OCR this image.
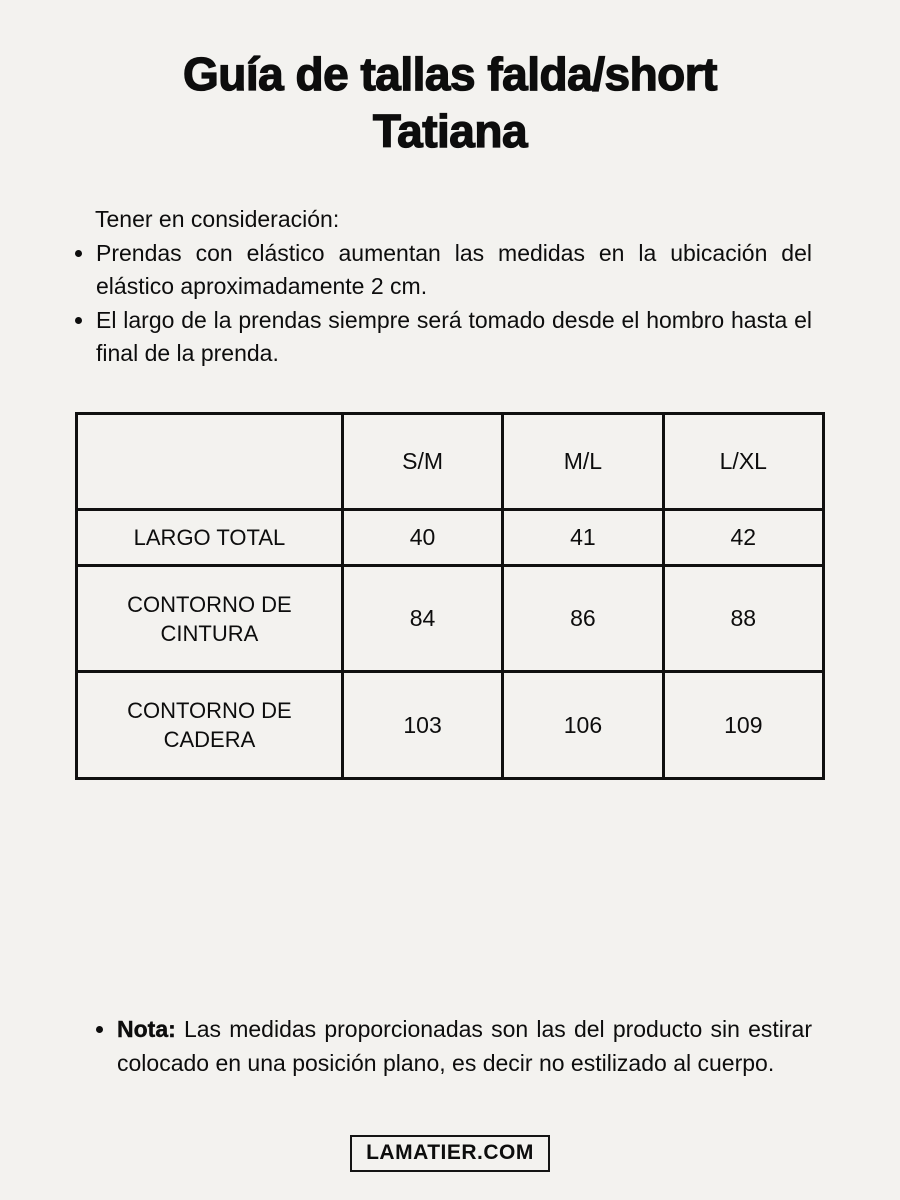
Guía de tallas falda/short
Tatiana
Tener en consideración:
• Prendas con elástico aumentan las medidas en la ubicación del elástico aproximadamente 2 cm.
• El largo de la prendas siempre será tomado desde el hombro hasta el final de la prenda.
	S/M	M/L	L/XL
LARGO TOTAL	40	41	42
CONTORNO DE CINTURA	84	86	88
CONTORNO DE CADERA	103	106	109
• Nota: Las medidas proporcionadas son las del producto sin estirar colocado en una posición plano, es decir no estilizado al cuerpo.
LAMATIER.COM
